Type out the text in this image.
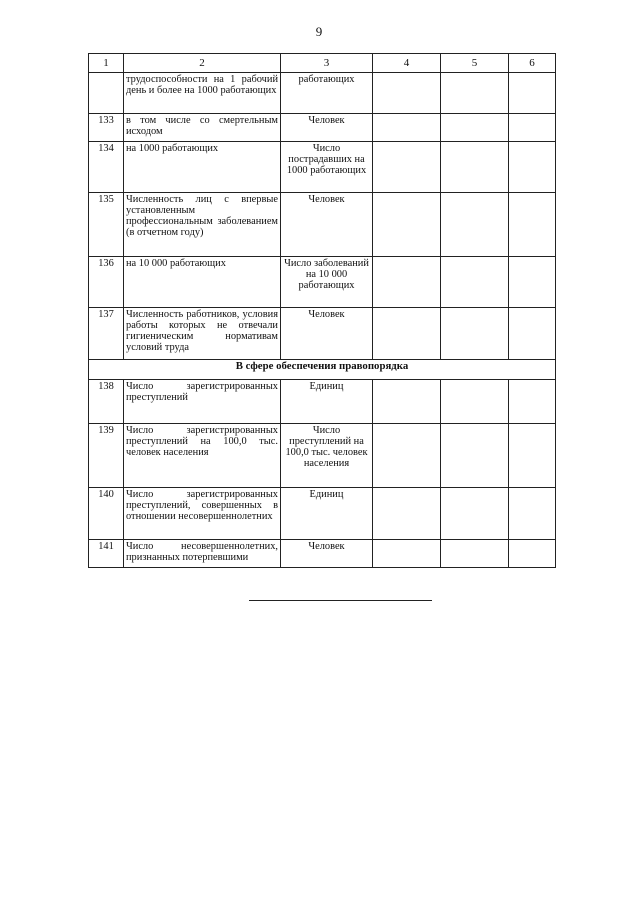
9
1	2	3	4	5	6
	трудоспособности на 1 рабочий день и более на 1000 работающих	работающих			
133	в том числе со смертельным исходом	Человек			
134	на 1000 работающих	Число пострадавших на 1000 работающих			
135	Численность лиц с впервые установленным профессиональным заболеванием (в отчетном году)	Человек			
136	на 10 000 работающих	Число заболеваний на 10 000 работающих			
137	Численность работников, условия работы которых не отвечали гигиеническим нормативам условий труда	Человек			
В сфере обеспечения правопорядка					
138	Число зарегистрированных преступлений	Единиц			
139	Число зарегистрированных преступлений на 100,0 тыс. человек населения	Число преступлений на 100,0 тыс. человек населения			
140	Число зарегистрированных преступлений, совершенных в отношении несовершеннолетних	Единиц			
141	Число несовершеннолетних, признанных потерпевшими	Человек			
